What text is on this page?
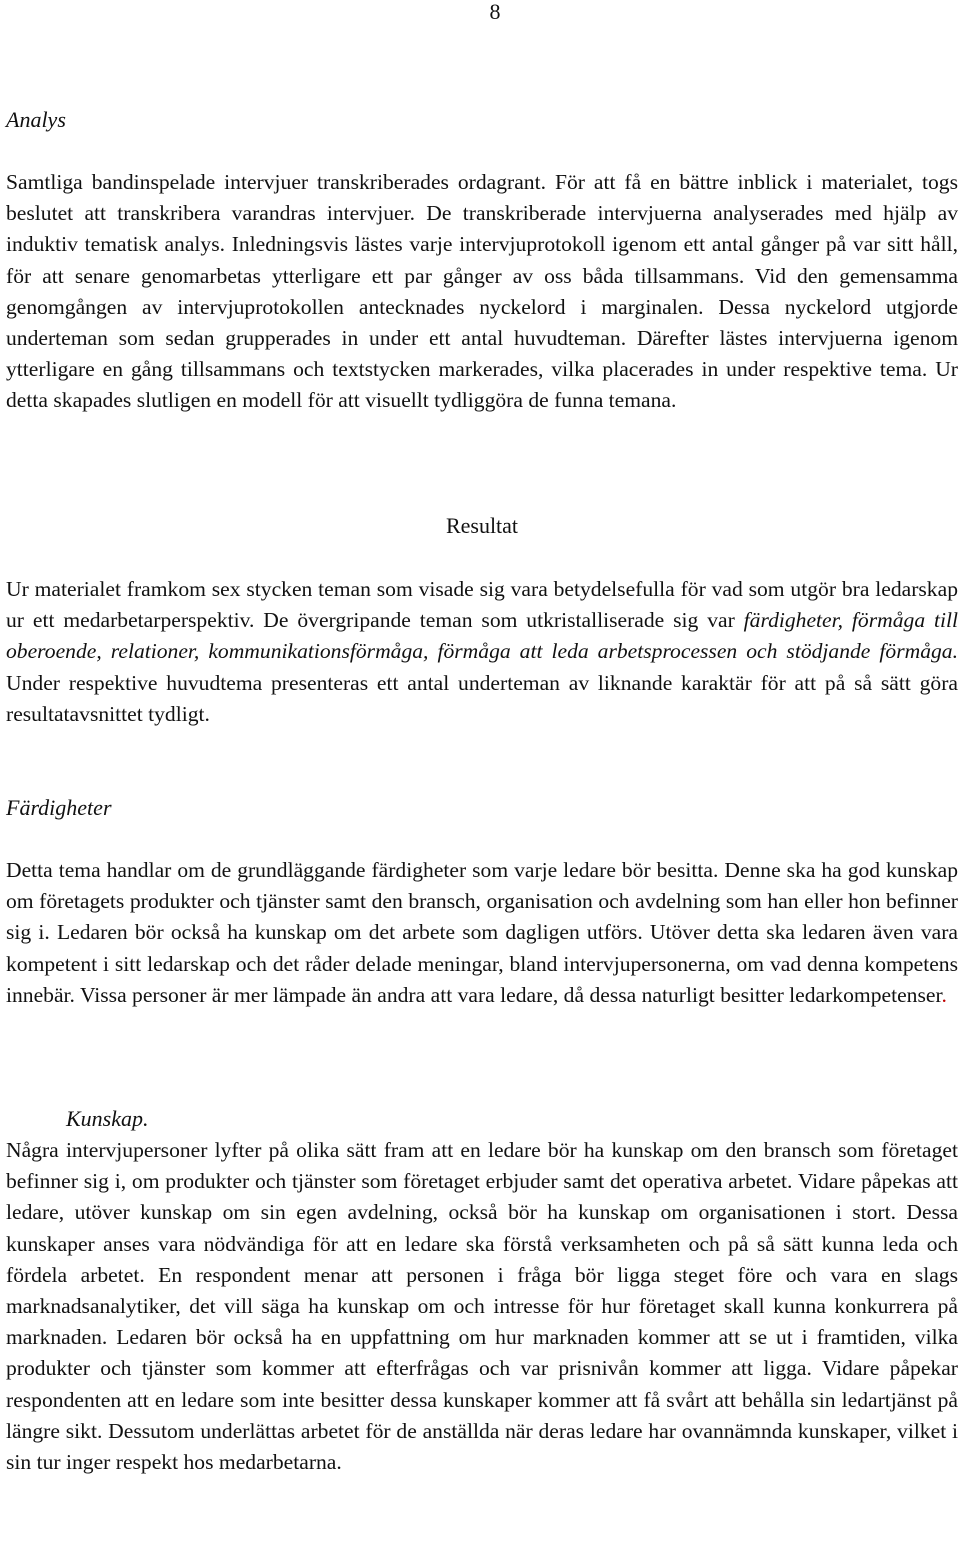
8
Analys

Samtliga bandinspelade intervjuer transkriberades ordagrant. För att få en bättre inblick i materialet, togs beslutet att transkribera varandras intervjuer. De transkriberade intervjuerna analyserades med hjälp av induktiv tematisk analys. Inledningsvis lästes varje intervjuprotokoll igenom ett antal gånger på var sitt håll, för att senare genomarbetas ytterligare ett par gånger av oss båda tillsammans. Vid den gemensamma genomgången av intervjuprotokollen antecknades nyckelord i marginalen. Dessa nyckelord utgjorde underteman som sedan grupperades in under ett antal huvudteman. Därefter lästes intervjuerna igenom ytterligare en gång tillsammans och textstycken markerades, vilka placerades in under respektive tema. Ur detta skapades slutligen en modell för att visuellt tydliggöra de funna temana.

Resultat

Ur materialet framkom sex stycken teman som visade sig vara betydelsefulla för vad som utgör bra ledarskap ur ett medarbetarperspektiv. De övergripande teman som utkristalliserade sig var färdigheter, förmåga till oberoende, relationer, kommunikationsförmåga, förmåga att leda arbetsprocessen och stödjande förmåga. Under respektive huvudtema presenteras ett antal underteman av liknande karaktär för att på så sätt göra resultatavsnittet tydligt.

Färdigheter

Detta tema handlar om de grundläggande färdigheter som varje ledare bör besitta. Denne ska ha god kunskap om företagets produkter och tjänster samt den bransch, organisation och avdelning som han eller hon befinner sig i. Ledaren bör också ha kunskap om det arbete som dagligen utförs. Utöver detta ska ledaren även vara kompetent i sitt ledarskap och det råder delade meningar, bland intervjupersonerna, om vad denna kompetens innebär. Vissa personer är mer lämpade än andra att vara ledare, då dessa naturligt besitter ledarkompetenser.

Kunskap.

Några intervjupersoner lyfter på olika sätt fram att en ledare bör ha kunskap om den bransch som företaget befinner sig i, om produkter och tjänster som företaget erbjuder samt det operativa arbetet. Vidare påpekas att ledare, utöver kunskap om sin egen avdelning, också bör ha kunskap om organisationen i stort. Dessa kunskaper anses vara nödvändiga för att en ledare ska förstå verksamheten och på så sätt kunna leda och fördela arbetet. En respondent menar att personen i fråga bör ligga steget före och vara en slags marknadsanalytiker, det vill säga ha kunskap om och intresse för hur företaget skall kunna konkurrera på marknaden. Ledaren bör också ha en uppfattning om hur marknaden kommer att se ut i framtiden, vilka produkter och tjänster som kommer att efterfrågas och var prisnivån kommer att ligga. Vidare påpekar respondenten att en ledare som inte besitter dessa kunskaper kommer att få svårt att behålla sin ledartjänst på längre sikt. Dessutom underlättas arbetet för de anställda när deras ledare har ovannämnda kunskaper, vilket i sin tur inger respekt hos medarbetarna.
